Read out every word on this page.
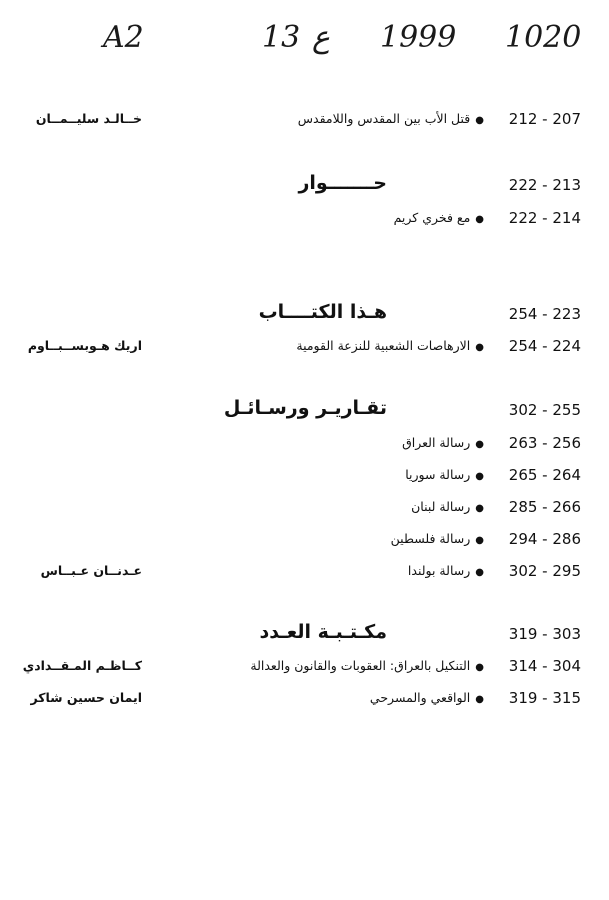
A2	13 ع 1999 1020
212 - 207
●قتل الأب بين المقدس واللامقدس
خــالـد سليــمــان
222 - 213
حـــــــوار
222 - 214
●مع فخري كريم
254 - 223
هـذا الكتــــاب
254 - 224
●الارهاصات الشعبية للنزعة القومية
اريك هـوبســبــاوم
302 - 255
تقـاريـر ورسـائـل
263 - 256
●رسالة العراق
265 - 264
●رسالة سوريا
285 - 266
●رسالة لبنان
294 - 286
●رسالة فلسطين
302 - 295
●رسالة بولندا
عـدنــان عـبــاس
319 - 303
مكـتـبـة العـدد
314 - 304
●التنكيل بالعراق: العقوبات والقانون والعدالة
كــاظـم المـقــدادي
319 - 315
●الواقعي والمسرحي
ايمان حسين شاكر
